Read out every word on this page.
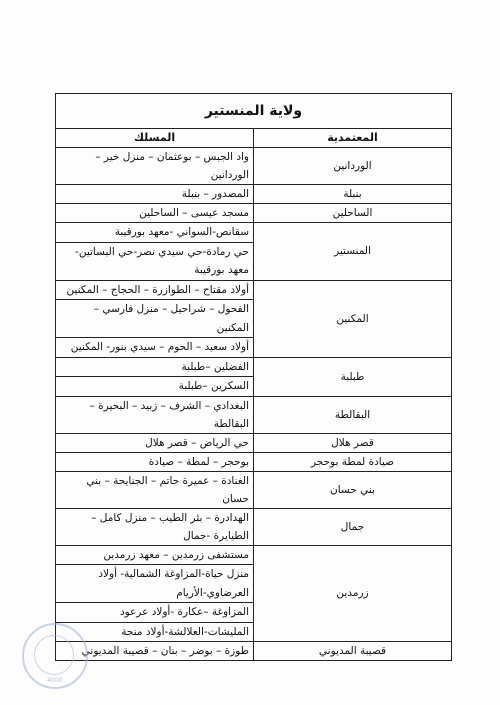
ولاية المنستير	
المعتمدية	المسلك
الوردانين	واد الجبس – بوعثمان – منزل خير – الوردانين
بنبلة	المصدور – بنبلة
الساحلين	مسجد عيسى – الساحلين
المنستير	سقانص-السواني -معهد بورقيبة
حي رمادة-حي سيدي نصر-حي البساتين-معهد بورقيبة

المكنين	أولاد مقتاح – الطوازرة – الحجاج – المكنين
الفحول – شراحيل – منزل فارسي – المكنين
أولاد سعيد – الحوم – سيدي بنور- المكنين

طبلبة	الفضلين –طبلبة
السكرين –طبلبة

البقالطة	البغدادي – الشرف – زبيد – البحيرة – البقالطة
قصر هلال	حي الرياض – قصر هلال
صيادة لمطة بوحجر	بوحجر – لمطة – صيادة
بني حسان	الغنادة – عميرة حاتم – الجنايحة – بني حسان
جمال	الهدادرة – بئر الطيب – منزل كامل – الطيايرة -جمال
زرمدين	مستشفى زرمدين – معهد زرمدين
منزل حياة-المزاوغة الشمالية- أولاد العرضاوي-الأريام
المزاوغة –عكارة -أولاد عرعود
المليشات-العلالشة-أولاد منجة

قصيبة المديوني	طوزة – بوضر – بنان – قصيبة المديوني
4000
